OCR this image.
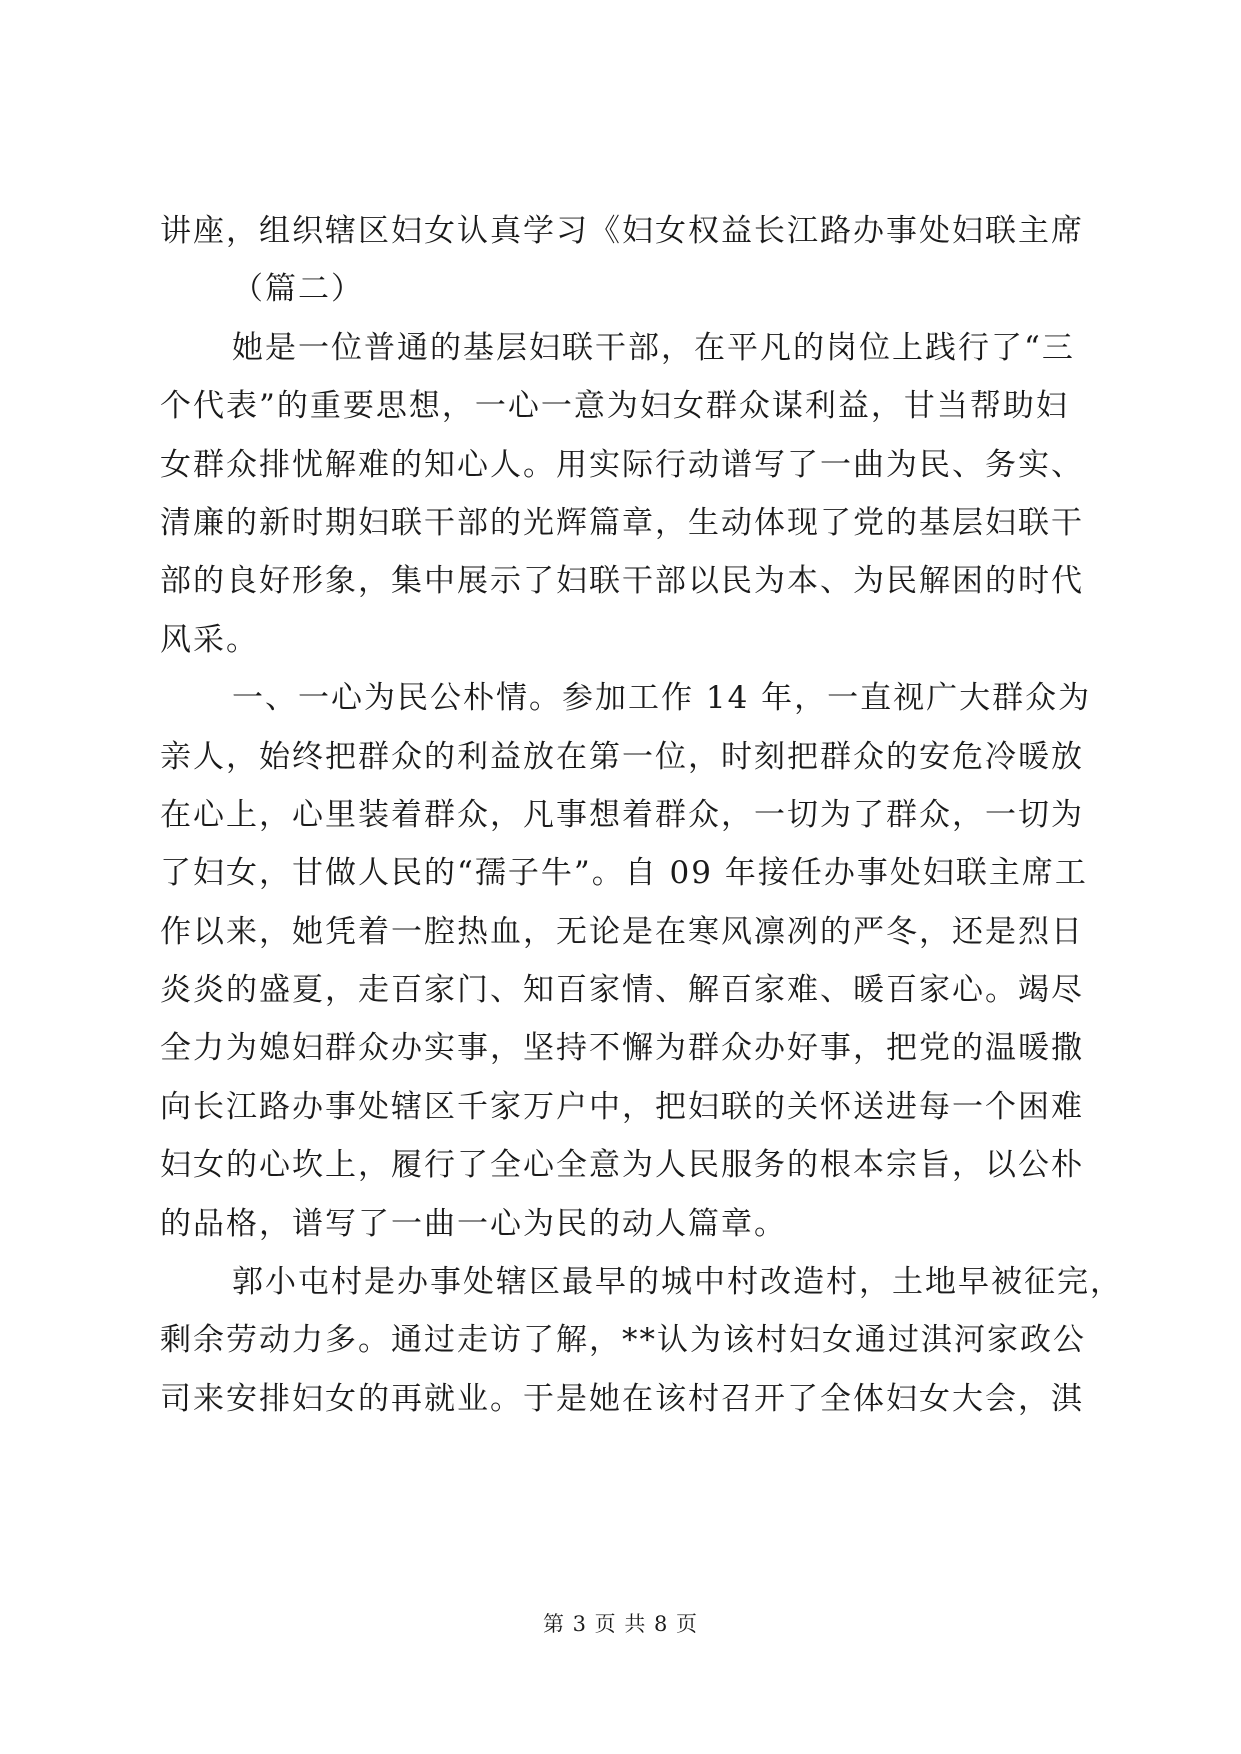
讲座，组织辖区妇女认真学习《妇女权益长江路办事处妇联主席
（篇二）
她是一位普通的基层妇联干部，在平凡的岗位上践行了“三
个代表”的重要思想，一心一意为妇女群众谋利益，甘当帮助妇
女群众排忧解难的知心人。用实际行动谱写了一曲为民、务实、
清廉的新时期妇联干部的光辉篇章，生动体现了党的基层妇联干
部的良好形象，集中展示了妇联干部以民为本、为民解困的时代
风采。
一、一心为民公朴情。参加工作 14 年，一直视广大群众为
亲人，始终把群众的利益放在第一位，时刻把群众的安危冷暖放
在心上，心里装着群众，凡事想着群众，一切为了群众，一切为
了妇女，甘做人民的“孺子牛”。自 09 年接任办事处妇联主席工
作以来，她凭着一腔热血，无论是在寒风凛冽的严冬，还是烈日
炎炎的盛夏，走百家门、知百家情、解百家难、暖百家心。竭尽
全力为媳妇群众办实事，坚持不懈为群众办好事，把党的温暖撒
向长江路办事处辖区千家万户中，把妇联的关怀送进每一个困难
妇女的心坎上，履行了全心全意为人民服务的根本宗旨，以公朴
的品格，谱写了一曲一心为民的动人篇章。
郭小屯村是办事处辖区最早的城中村改造村，土地早被征完，
剩余劳动力多。通过走访了解，**认为该村妇女通过淇河家政公
司来安排妇女的再就业。于是她在该村召开了全体妇女大会，淇
第 3 页 共 8 页
